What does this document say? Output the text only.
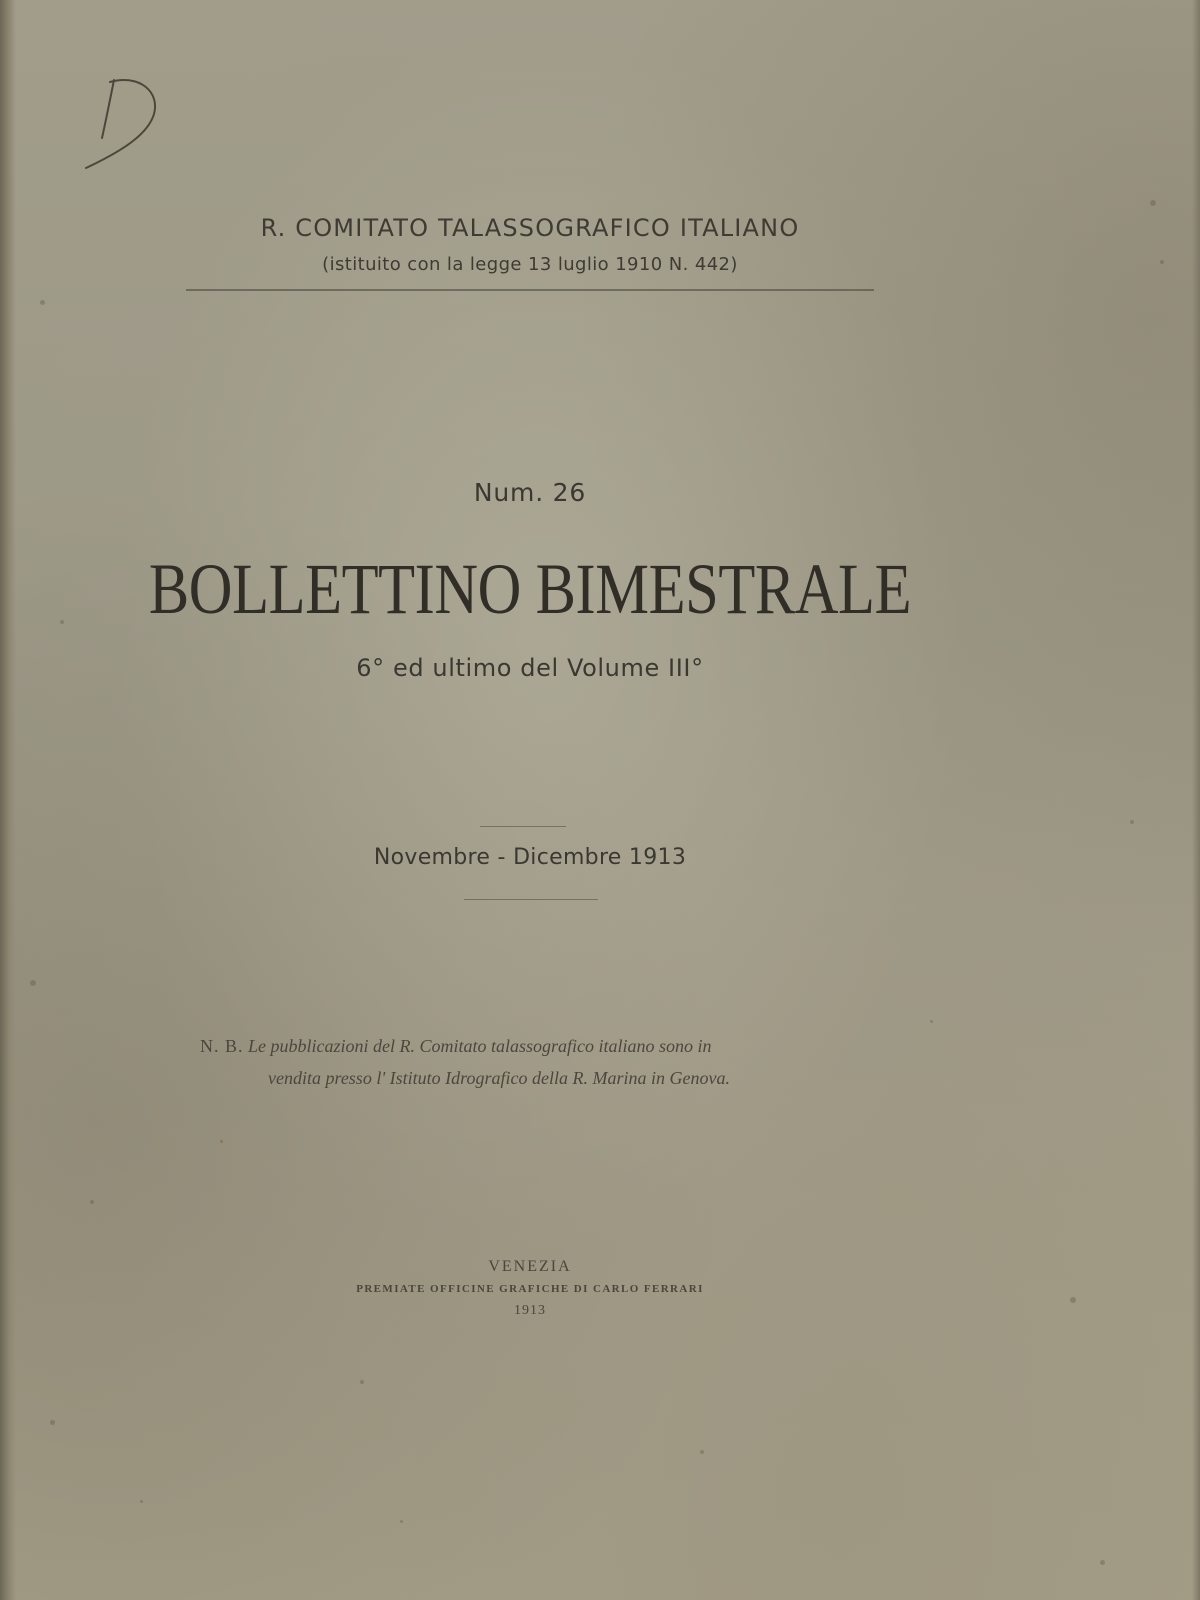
R. COMITATO TALASSOGRAFICO ITALIANO
(istituito con la legge 13 luglio 1910 N. 442)
Num. 26
BOLLETTINO BIMESTRALE
6° ed ultimo del Volume III°
Novembre - Dicembre 1913
N. B. Le pubblicazioni del R. Comitato talassografico italiano sono in
vendita presso l' Istituto Idrografico della R. Marina in Genova.
VENEZIA
PREMIATE OFFICINE GRAFICHE DI CARLO FERRARI
1913
